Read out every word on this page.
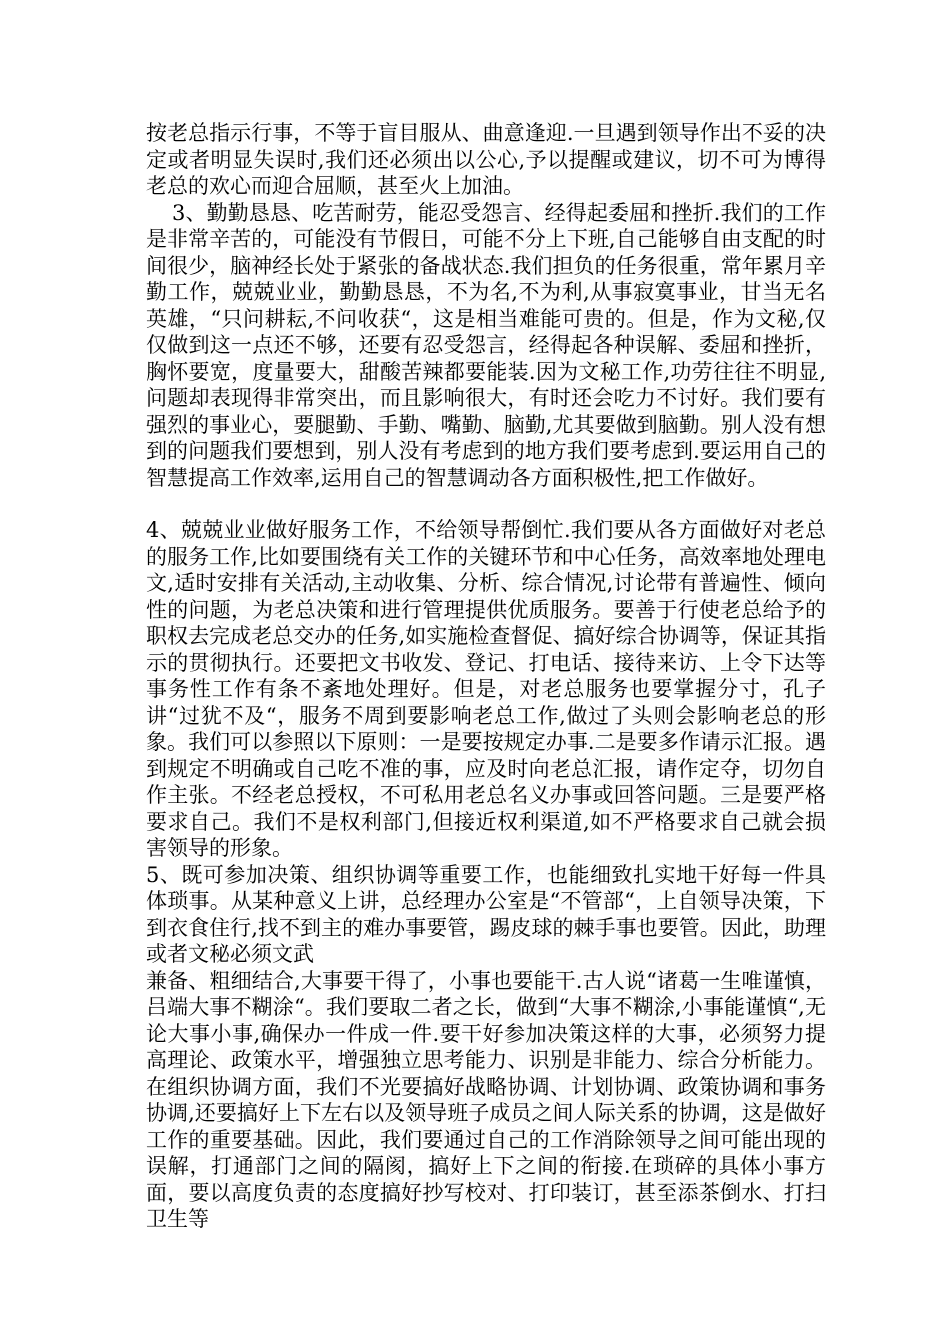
按老总指示行事，不等于盲目服从、曲意逢迎.一旦遇到领导作出不妥的决定或者明显失误时,我们还必须出以公心,予以提醒或建议，切不可为博得老总的欢心而迎合屈顺，甚至火上加油。

3、勤勤恳恳、吃苦耐劳，能忍受怨言、经得起委屈和挫折.我们的工作是非常辛苦的，可能没有节假日，可能不分上下班,自己能够自由支配的时间很少，脑神经长处于紧张的备战状态.我们担负的任务很重，常年累月辛勤工作，兢兢业业，勤勤恳恳，不为名,不为利,从事寂寞事业，甘当无名英雄，“只问耕耘,不问收获“，这是相当难能可贵的。但是，作为文秘,仅仅做到这一点还不够，还要有忍受怨言，经得起各种误解、委屈和挫折，胸怀要宽，度量要大，甜酸苦辣都要能装.因为文秘工作,功劳往往不明显,问题却表现得非常突出，而且影响很大，有时还会吃力不讨好。我们要有强烈的事业心，要腿勤、手勤、嘴勤、脑勤,尤其要做到脑勤。别人没有想到的问题我们要想到，别人没有考虑到的地方我们要考虑到.要运用自己的智慧提高工作效率,运用自己的智慧调动各方面积极性,把工作做好。

4、兢兢业业做好服务工作，不给领导帮倒忙.我们要从各方面做好对老总的服务工作,比如要围绕有关工作的关键环节和中心任务，高效率地处理电文,适时安排有关活动,主动收集、分析、综合情况,讨论带有普遍性、倾向性的问题，为老总决策和进行管理提供优质服务。要善于行使老总给予的职权去完成老总交办的任务,如实施检查督促、搞好综合协调等，保证其指示的贯彻执行。还要把文书收发、登记、打电话、接待来访、上令下达等事务性工作有条不紊地处理好。但是，对老总服务也要掌握分寸，孔子讲“过犹不及“，服务不周到要影响老总工作,做过了头则会影响老总的形象。我们可以参照以下原则：一是要按规定办事.二是要多作请示汇报。遇到规定不明确或自己吃不准的事，应及时向老总汇报，请作定夺，切勿自作主张。不经老总授权，不可私用老总名义办事或回答问题。三是要严格要求自己。我们不是权利部门,但接近权利渠道,如不严格要求自己就会损害领导的形象。

5、既可参加决策、组织协调等重要工作，也能细致扎实地干好每一件具体琐事。从某种意义上讲，总经理办公室是“不管部“，上自领导决策，下到衣食住行,找不到主的难办事要管，踢皮球的棘手事也要管。因此，助理或者文秘必须文武

兼备、粗细结合,大事要干得了，小事也要能干.古人说“诸葛一生唯谨慎，吕端大事不糊涂“。我们要取二者之长，做到“大事不糊涂,小事能谨慎“,无论大事小事,确保办一件成一件.要干好参加决策这样的大事，必须努力提高理论、政策水平，增强独立思考能力、识别是非能力、综合分析能力。在组织协调方面，我们不光要搞好战略协调、计划协调、政策协调和事务协调,还要搞好上下左右以及领导班子成员之间人际关系的协调，这是做好工作的重要基础。因此，我们要通过自己的工作消除领导之间可能出现的误解，打通部门之间的隔阂，搞好上下之间的衔接.在琐碎的具体小事方面，要以高度负责的态度搞好抄写校对、打印装订，甚至添茶倒水、打扫卫生等
